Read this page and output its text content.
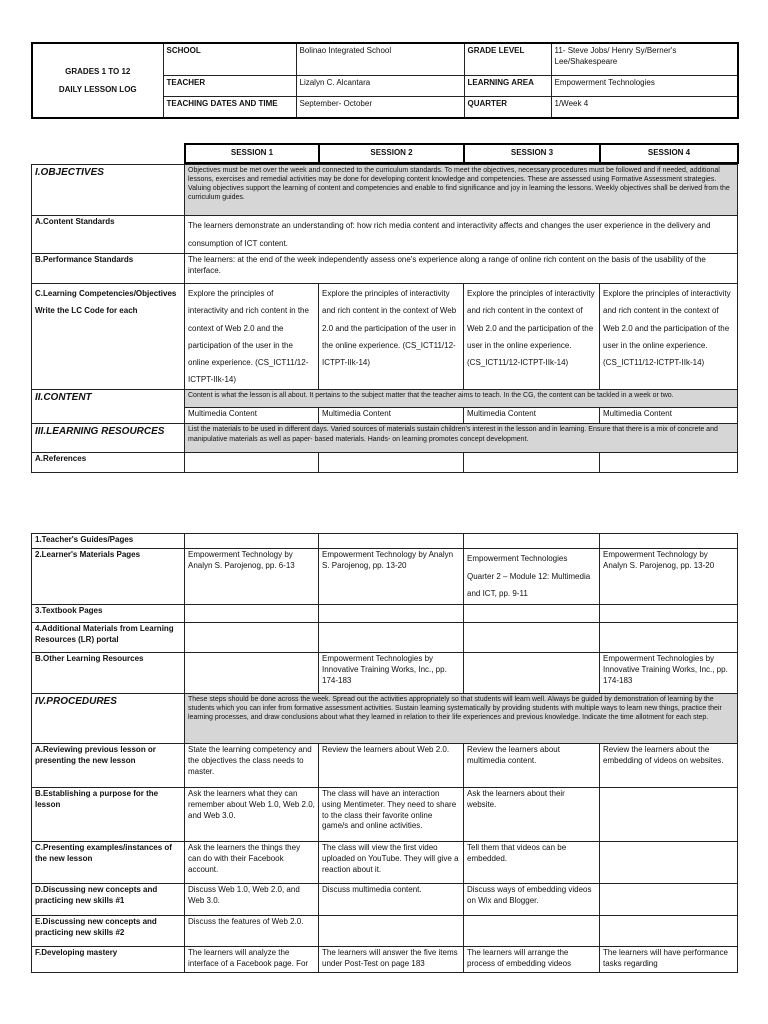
GRADES 1 TO 12
DAILY LESSON LOG	SCHOOL	Bolinao Integrated School	GRADE LEVEL	11- Steve Jobs/ Henry Sy/Berner's Lee/Shakespeare
	TEACHER	Lizalyn C. Alcantara	LEARNING AREA	Empowerment Technologies
	TEACHING DATES AND TIME	September- October	QUARTER	1/Week 4
SESSION 1	SESSION 2	SESSION 3	SESSION 4
I.OBJECTIVES	Objectives must be met over the week and connected to the curriculum standards. To meet the objectives, necessary procedures must be followed and if needed, additional lessons, exercises and remedial activities may be done for developing content knowledge and competencies. These are assessed using Formative Assessment strategies. Valuing objectives support the learning of content and competencies and enable to find significance and joy in learning the lessons. Weekly objectives shall be derived from the curriculum guides.			
A.Content Standards	The learners demonstrate an understanding of: how rich media content and interactivity affects and changes the user experience in the delivery and consumption of ICT content.			
B.Performance Standards	The learners: at the end of the week independently assess one's experience along a range of online rich content on the basis of the usability of the interface.			

C.Learning Competencies/Objectives
Write the LC Code for each	Explore the principles of interactivity and rich content in the context of Web 2.0 and the participation of the user in the online experience. (CS_ICT11/12-ICTPT-IIk-14)	Explore the principles of interactivity and rich content in the context of Web 2.0 and the participation of the user in the online experience. (CS_ICT11/12-ICTPT-IIk-14)	Explore the principles of interactivity and rich content in the context of Web 2.0 and the participation of the user in the online experience. (CS_ICT11/12-ICTPT-IIk-14)	Explore the principles of interactivity and rich content in the context of Web 2.0 and the participation of the user in the online experience. (CS_ICT11/12-ICTPT-IIk-14)
II.CONTENT	Content is what the lesson is all about. It pertains to the subject matter that the teacher aims to teach. In the CG, the content can be tackled in a week or two.			
	Multimedia Content	Multimedia Content	Multimedia Content	Multimedia Content
III.LEARNING RESOURCES	List the materials to be used in different days. Varied sources of materials sustain children's interest in the lesson and in learning. Ensure that there is a mix of concrete and manipulative materials as well as paper- based materials. Hands- on learning promotes concept development.			
A.References				
1.Teacher's Guides/Pages				
2.Learner's Materials Pages	Empowerment Technology by Analyn S. Parojenog, pp. 6-13	Empowerment Technology by Analyn S. Parojenog, pp. 13-20	Empowerment Technologies Quarter 2 – Module 12: Multimedia and ICT, pp. 9-11	Empowerment Technology by Analyn S. Parojenog, pp. 13-20
3.Textbook Pages				
4.Additional Materials from Learning Resources (LR) portal				
B.Other Learning Resources		Empowerment Technologies by Innovative Training Works, Inc., pp. 174-183		Empowerment Technologies by Innovative Training Works, Inc., pp. 174-183
IV.PROCEDURES	These steps should be done across the week. Spread out the activities appropriately so that students will learn well. Always be guided by demonstration of learning by the students which you can infer from formative assessment activities. Sustain learning systematically by providing students with multiple ways to learn new things, practice their learning processes, and draw conclusions about what they learned in relation to their life experiences and previous knowledge. Indicate the time allotment for each step.			
A.Reviewing previous lesson or presenting the new lesson	State the learning competency and the objectives the class needs to master.	Review the learners about Web 2.0.	Review the learners about multimedia content.	Review the learners about the embedding of videos on websites.
B.Establishing a purpose for the lesson	Ask the learners what they can remember about Web 1.0, Web 2.0, and Web 3.0.	The class will have an interaction using Mentimeter. They need to share to the class their favorite online game/s and online activities.	Ask the learners about their website.	
C.Presenting examples/instances of the new lesson	Ask the learners the things they can do with their Facebook account.	The class will view the first video uploaded on YouTube. They will give a reaction about it.	Tell them that videos can be embedded.	
D.Discussing new concepts and practicing new skills #1	Discuss Web 1.0, Web 2.0, and Web 3.0.	Discuss multimedia content.	Discuss ways of embedding videos on Wix and Blogger.	
E.Discussing new concepts and practicing new skills #2	Discuss the features of Web 2.0.			
F.Developing mastery	The learners will analyze the interface of a Facebook page. For	The learners will answer the five items under Post-Test on page 183	The learners will arrange the process of embedding videos	The learners will have performance tasks regarding
